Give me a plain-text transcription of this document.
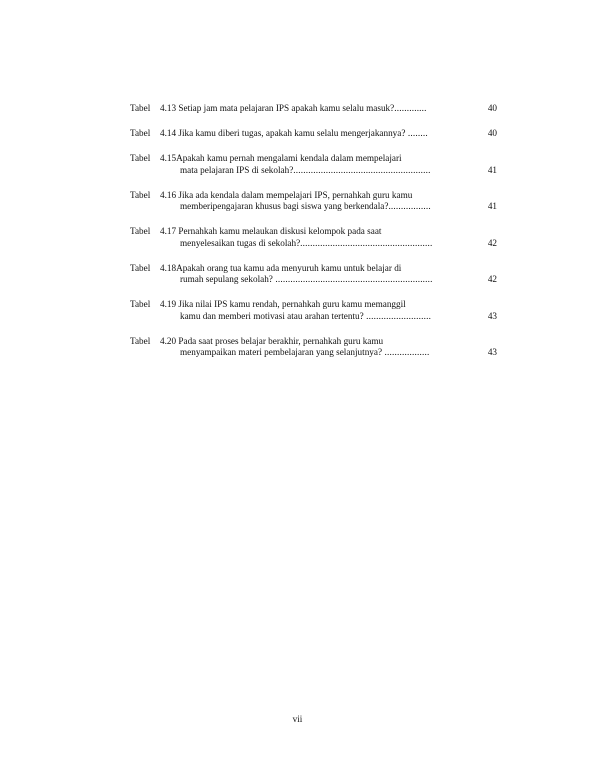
Tabel 4.13 Setiap jam mata pelajaran IPS apakah kamu selalu masuk?.............	40
Tabel 4.14 Jika kamu diberi tugas, apakah kamu selalu mengerjakannya? ........	40
Tabel 4.15Apakah kamu pernah mengalami kendala dalam mempelajari
mata pelajaran IPS di sekolah?.......................................................	41
Tabel 4.16 Jika ada kendala dalam mempelajari IPS, pernahkah guru kamu
memberipengajaran khusus bagi siswa yang berkendala?.................	41
Tabel 4.17 Pernahkah kamu melaukan diskusi kelompok pada saat
menyelesaikan tugas di sekolah?.....................................................	42
Tabel 4.18Apakah orang tua kamu ada menyuruh kamu untuk belajar di
rumah sepulang sekolah? ...............................................................	42
Tabel 4.19 Jika nilai IPS kamu rendah, pernahkah guru kamu memanggil
kamu dan memberi motivasi atau arahan tertentu? ..........................	43
Tabel 4.20 Pada saat proses belajar berakhir, pernahkah guru kamu
menyampaikan materi pembelajaran yang selanjutnya? ..................	43
vii
